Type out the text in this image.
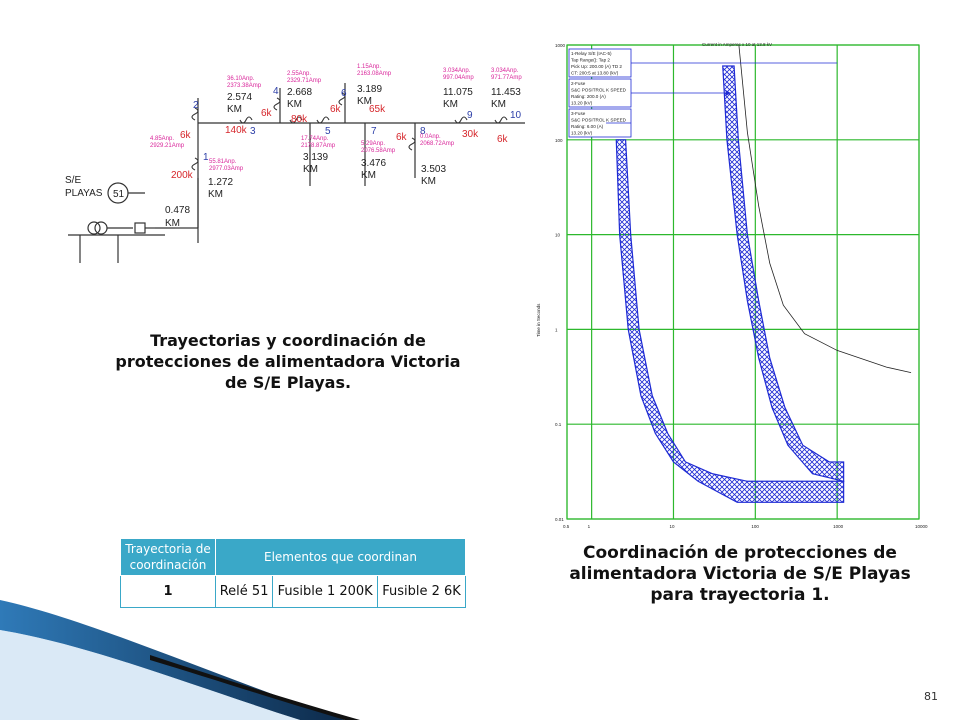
S/E
PLAYAS 51
0.478
KM
1
200k
55.81Anp.
2977.03Amp
1.272
KM
2
6k
4.85Anp.
2929.21Amp
3
140k
36.10Anp.
2373.38Amp
2.574
KM
4
6k
2.55Anp.
2329.71Amp
2.668
KM
5
80k
17.74Anp.
2178.87Amp
3.139
KM
6
6k
1.15Anp.
2163.08Amp
3.189
KM
7
65k
5.29Anp.
2076.58Amp
3.476
KM
8
6k 0.0Anp.
2068.72Amp
3.503
KM
9
30k
3.034Anp.
997.04Amp
11.075
KM
10
6k
3.034Anp.
971.77Amp
11.453
KM
Trayectorias y coordinación de protecciones de alimentadora Victoria de S/E Playas.
0.5	1	10	100	1000	10000
1000
100
10
1
0.1
0.01
Current in Amperes x 10 at 13.8 kV
Time in Seconds
1-Relay S/E (IAC-5)
Tap Range(): Tap 2
Pick Up: 200.00 (A) TD 2
CT: 200:5 at 13.80 (kV)
2-Fuse
S&C POSITROL K SPEED
Rating: 200.0 (A)
13.20 (kV)
3-Fuse
S&C POSITROL K SPEED
Rating: 6.00 (A)
13.20 (kV)
Coordinación de protecciones de alimentadora Victoria de S/E Playas para trayectoria 1.
Trayectoria de coordinación	Elementos que coordinan		
1	Relé 51	Fusible 1 200K	Fusible 2 6K
81
